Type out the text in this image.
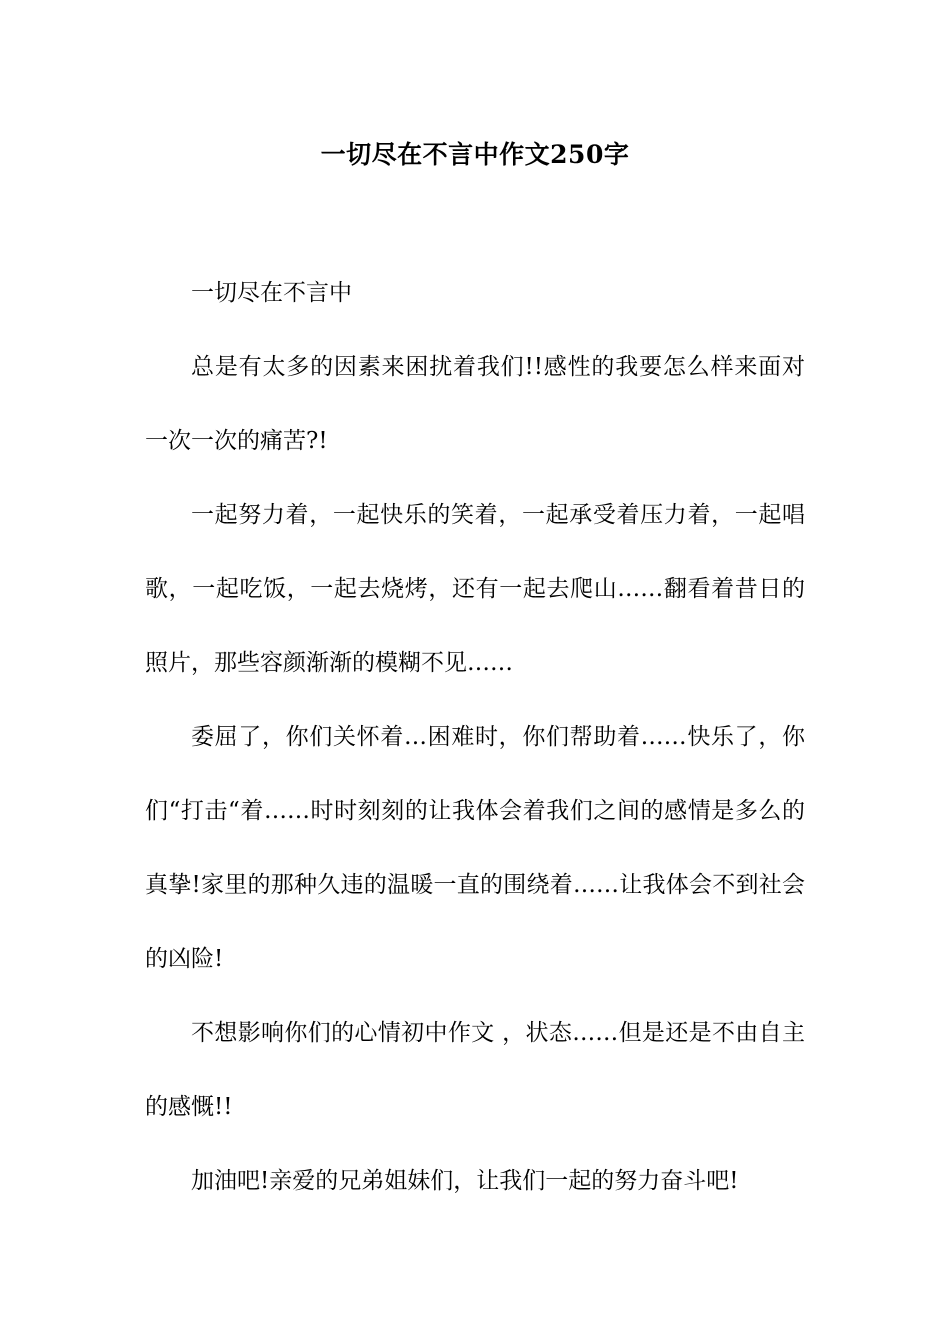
一切尽在不言中作文250字

一切尽在不言中

总是有太多的因素来困扰着我们!!感性的我要怎么样来面对一次一次的痛苦?!

一起努力着，一起快乐的笑着，一起承受着压力着，一起唱歌，一起吃饭，一起去烧烤，还有一起去爬山……翻看着昔日的照片，那些容颜渐渐的模糊不见……

委屈了，你们关怀着…困难时，你们帮助着……快乐了，你们“打击“着……时时刻刻的让我体会着我们之间的感情是多么的真挚!家里的那种久违的温暖一直的围绕着……让我体会不到社会的凶险!

不想影响你们的心情初中作文 ，状态……但是还是不由自主的感慨!!

加油吧!亲爱的兄弟姐妹们，让我们一起的努力奋斗吧!
